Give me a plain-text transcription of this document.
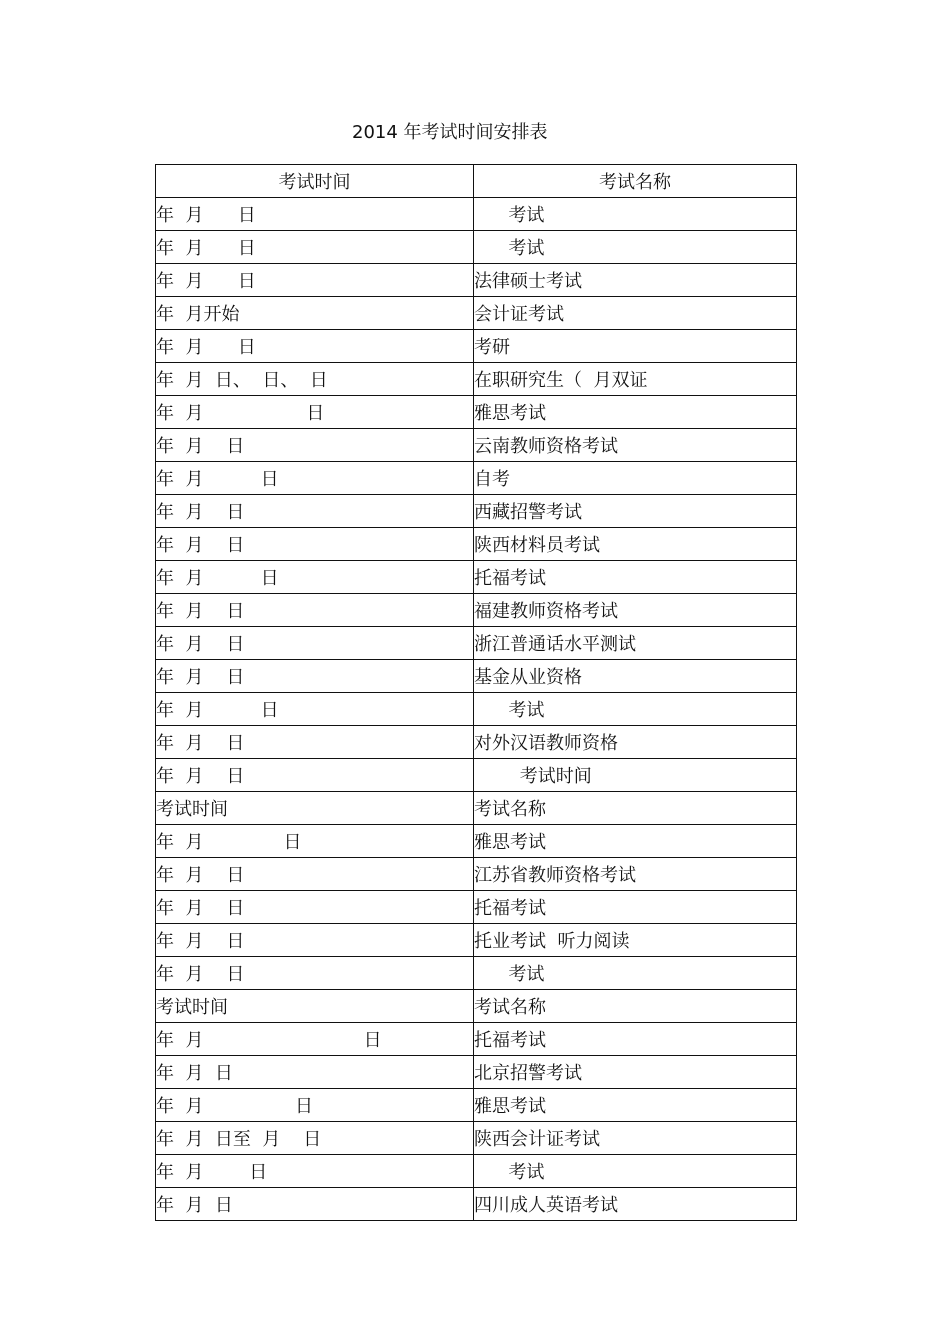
2014 年考试时间安排表
考试时间	考试名称
年  月      日	考试
年  月      日	考试
年  月      日	法律硕士考试
年  月开始	会计证考试
年  月      日	考研
年  月  日、  日、  日	在职研究生（  月双证
年  月                  日	雅思考试
年  月    日	云南教师资格考试
年  月          日	自考
年  月    日	西藏招警考试
年  月    日	陕西材料员考试
年  月          日	托福考试
年  月    日	福建教师资格考试
年  月    日	浙江普通话水平测试
年  月    日	基金从业资格
年  月          日	考试
年  月    日	对外汉语教师资格
年  月    日	考试时间
考试时间	考试名称
年  月              日	雅思考试
年  月    日	江苏省教师资格考试
年  月    日	托福考试
年  月    日	托业考试  听力阅读
年  月    日	考试
考试时间	考试名称
年  月                            日	托福考试
年  月  日	北京招警考试
年  月                日	雅思考试
年  月  日至  月    日	陕西会计证考试
年  月        日	考试
年  月  日	四川成人英语考试
